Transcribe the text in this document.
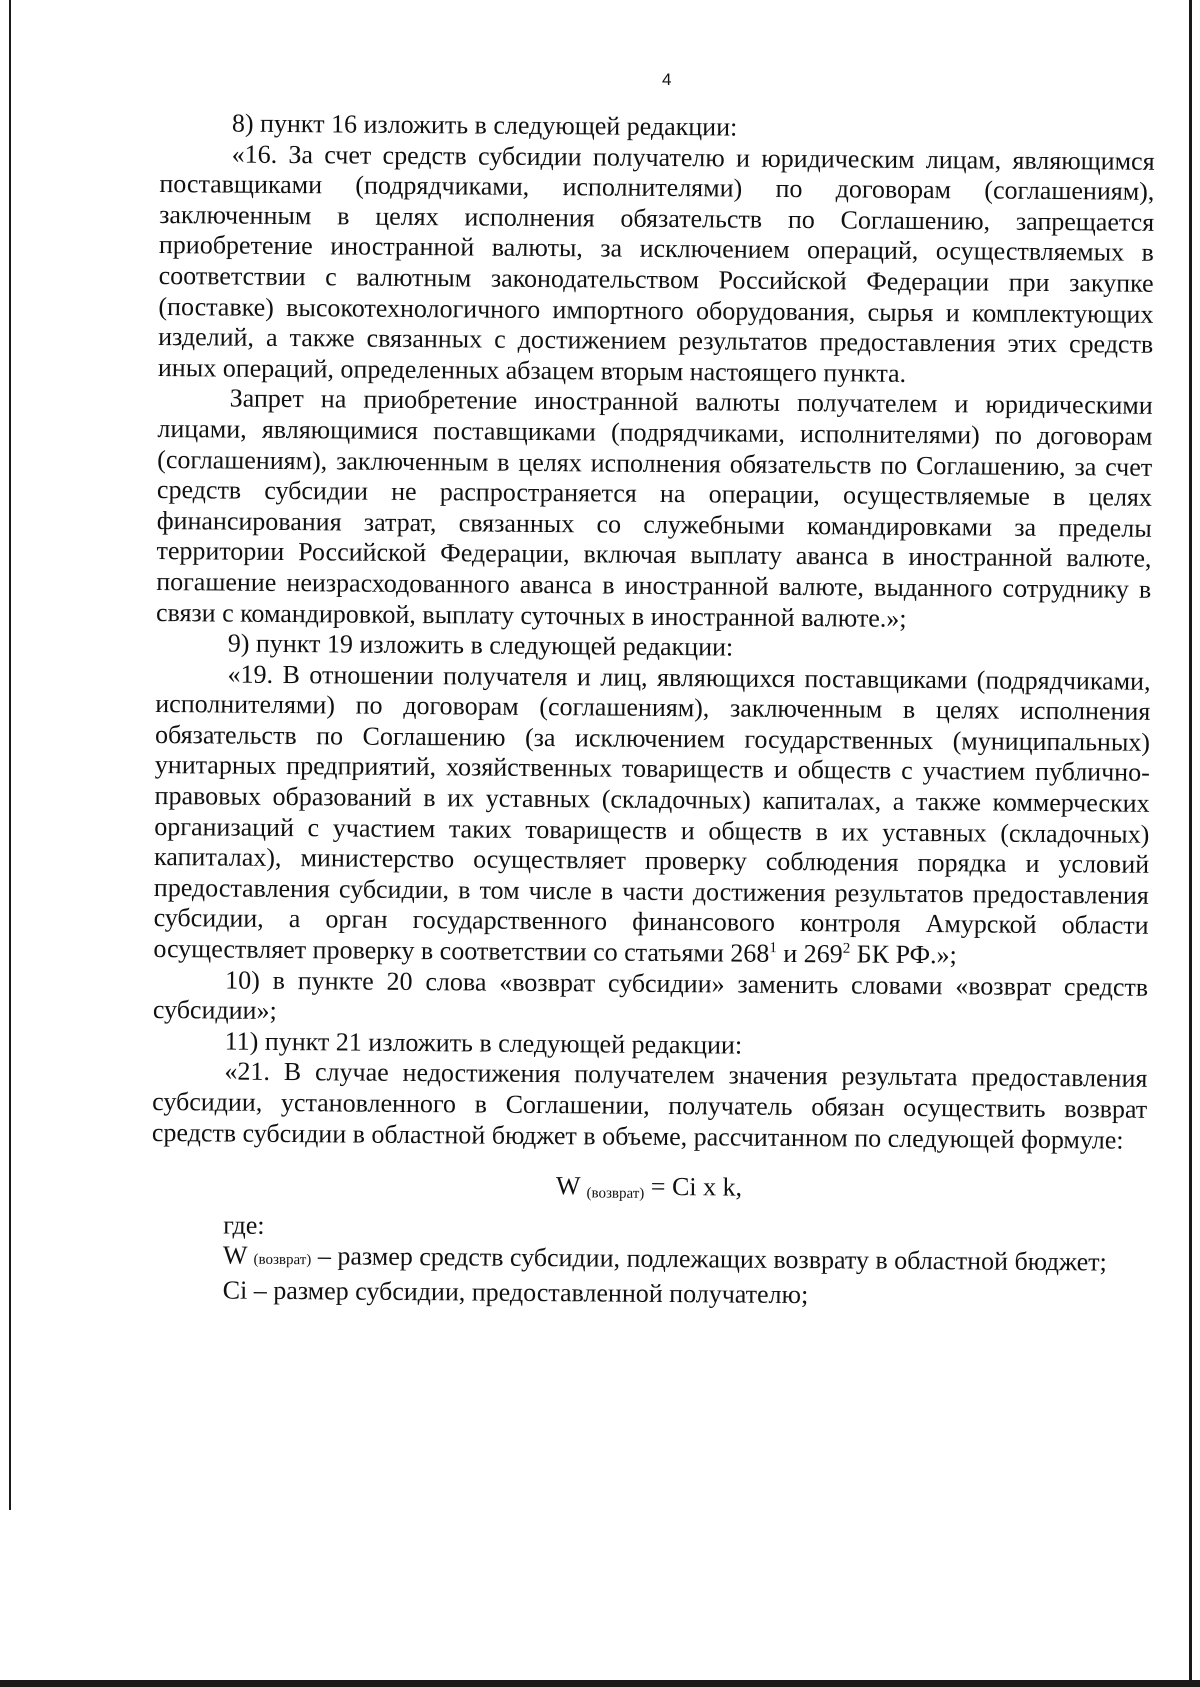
4

8) пункт 16 изложить в следующей редакции:

«16. За счет средств субсидии получателю и юридическим лицам, являющимся поставщиками (подрядчиками, исполнителями) по договорам (соглашениям), заключенным в целях исполнения обязательств по Соглашению, запрещается приобретение иностранной валюты, за исключением операций, осуществляемых в соответствии с валютным законодательством Российской Федерации при закупке (поставке) высокотехнологичного импортного оборудования, сырья и комплектующих изделий, а также связанных с достижением результатов предоставления этих средств иных операций, определенных абзацем вторым настоящего пункта.

Запрет на приобретение иностранной валюты получателем и юридическими лицами, являющимися поставщиками (подрядчиками, исполнителями) по договорам (соглашениям), заключенным в целях исполнения обязательств по Соглашению, за счет средств субсидии не распространяется на операции, осуществляемые в целях финансирования затрат, связанных со служебными командировками за пределы территории Российской Федерации, включая выплату аванса в иностранной валюте, погашение неизрасходованного аванса в иностранной валюте, выданного сотруднику в связи с командировкой, выплату суточных в иностранной валюте.»;

9) пункт 19 изложить в следующей редакции:

«19. В отношении получателя и лиц, являющихся поставщиками (подрядчиками, исполнителями) по договорам (соглашениям), заключенным в целях исполнения обязательств по Соглашению (за исключением государственных (муниципальных) унитарных предприятий, хозяйственных товариществ и обществ с участием публично-правовых образований в их уставных (складочных) капиталах, а также коммерческих организаций с участием таких товариществ и обществ в их уставных (складочных) капиталах), министерство осуществляет проверку соблюдения порядка и условий предоставления субсидии, в том числе в части достижения результатов предоставления субсидии, а орган государственного финансового контроля Амурской области осуществляет проверку в соответствии со статьями $268^1$ и $269^2$ БК РФ.»;

10) в пункте 20 слова «возврат субсидии» заменить словами «возврат средств субсидии»;

11) пункт 21 изложить в следующей редакции:

«21. В случае недостижения получателем значения результата предоставления субсидии, установленного в Соглашении, получатель обязан осуществить возврат средств субсидии в областной бюджет в объеме, рассчитанном по следующей формуле:

W $_{(возврат)}$ = Ci x k,

где:

W (возврат) – размер средств субсидии, подлежащих возврату в областной бюджет;

Ci – размер субсидии, предоставленной получателю;
